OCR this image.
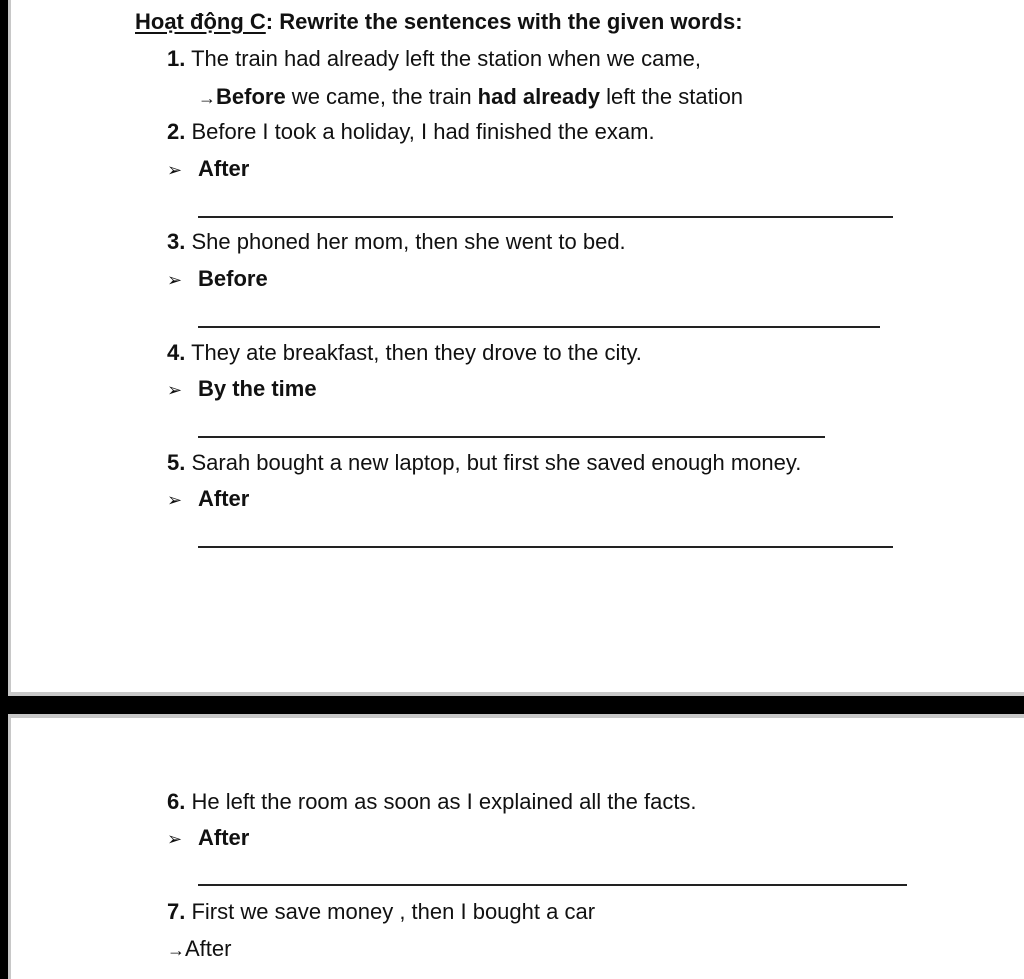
Hoạt động C: Rewrite the sentences with the given words:
1. The train had already left the station when we came,
→Before we came, the train had already left the station
2. Before I took a holiday, I had finished the exam.
➢ After
3. She phoned her mom, then she went to bed.
➢ Before
4. They ate breakfast, then they drove to the city.
➢ By the time
5. Sarah bought a new laptop, but first she saved enough money.
➢ After
6. He left the room as soon as I explained all the facts.
➢ After
7. First we save money , then I bought a car
→After
